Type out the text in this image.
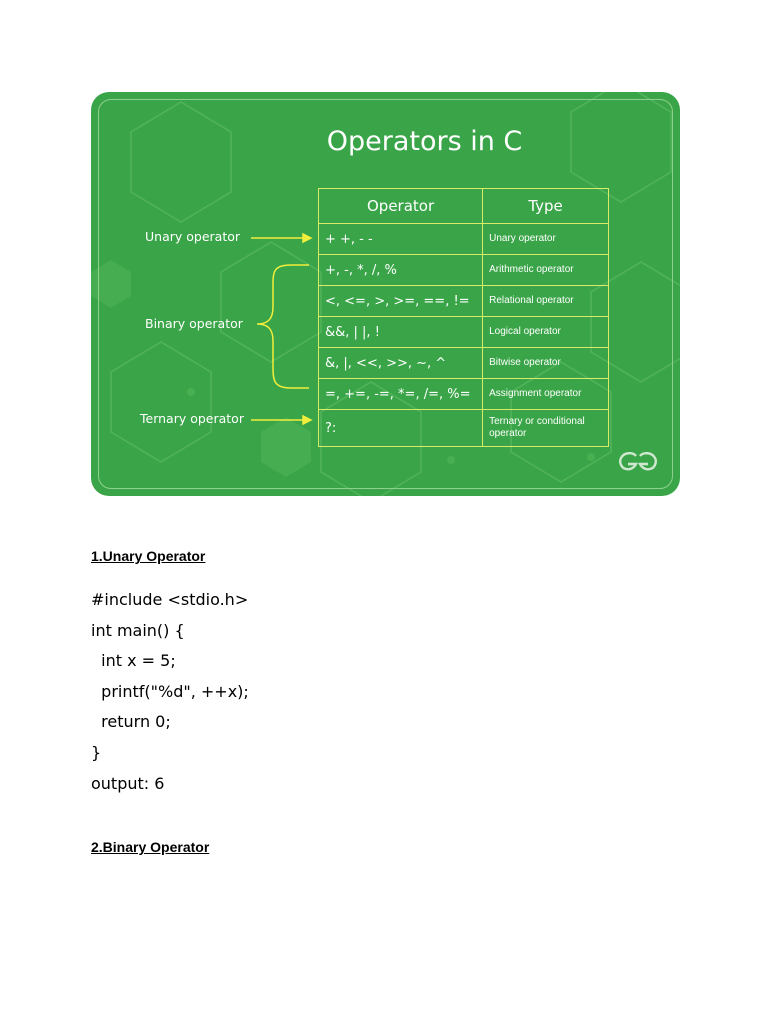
Operators in C
Operator	Type
+ +, - -	Unary operator
+, -, *, /, %	Arithmetic operator
<, <=, >, >=, ==, !=	Relational operator
&&, | |, !	Logical operator
&, |, <<, >>, ~, ^	Bitwise operator
=, +=, -=, *=, /=, %=	Assignment operator
?:	Ternary or conditional operator
Unary operator
Binary operator
Ternary operator
1.Unary Operator
#include <stdio.h>
int main() {
int x = 5;
printf("%d", ++x);
return 0;
}
output: 6
2.Binary Operator
